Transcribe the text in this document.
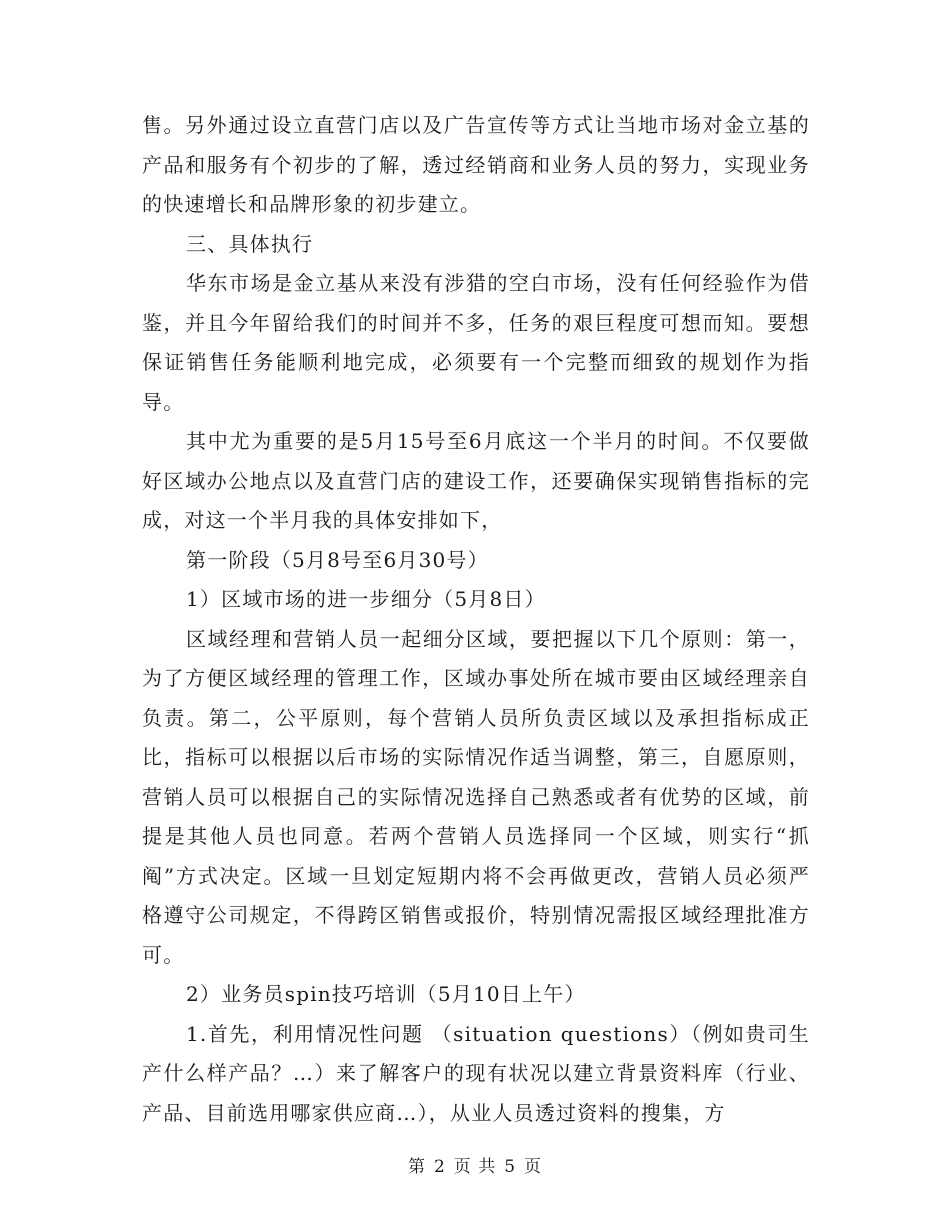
售。另外通过设立直营门店以及广告宣传等方式让当地市场对金立基的产品和服务有个初步的了解，透过经销商和业务人员的努力，实现业务的快速增长和品牌形象的初步建立。

三、具体执行

华东市场是金立基从来没有涉猎的空白市场，没有任何经验作为借鉴，并且今年留给我们的时间并不多，任务的艰巨程度可想而知。要想保证销售任务能顺利地完成，必须要有一个完整而细致的规划作为指导。

其中尤为重要的是5月15号至6月底这一个半月的时间。不仅要做好区域办公地点以及直营门店的建设工作，还要确保实现销售指标的完成，对这一个半月我的具体安排如下，

第一阶段（5月8号至6月30号）

1）区域市场的进一步细分（5月8日）

区域经理和营销人员一起细分区域，要把握以下几个原则：第一，为了方便区域经理的管理工作，区域办事处所在城市要由区域经理亲自负责。第二，公平原则，每个营销人员所负责区域以及承担指标成正比，指标可以根据以后市场的实际情况作适当调整，第三，自愿原则，营销人员可以根据自己的实际情况选择自己熟悉或者有优势的区域，前提是其他人员也同意。若两个营销人员选择同一个区域，则实行“抓阄”方式决定。区域一旦划定短期内将不会再做更改，营销人员必须严格遵守公司规定，不得跨区销售或报价，特别情况需报区域经理批准方可。

2）业务员spin技巧培训（5月10日上午）

1.首先，利用情况性问题 （situation questions）（例如贵司生产什么样产品？…）来了解客户的现有状况以建立背景资料库（行业、产品、目前选用哪家供应商…），从业人员透过资料的搜集，方

第 2 页 共 5 页
